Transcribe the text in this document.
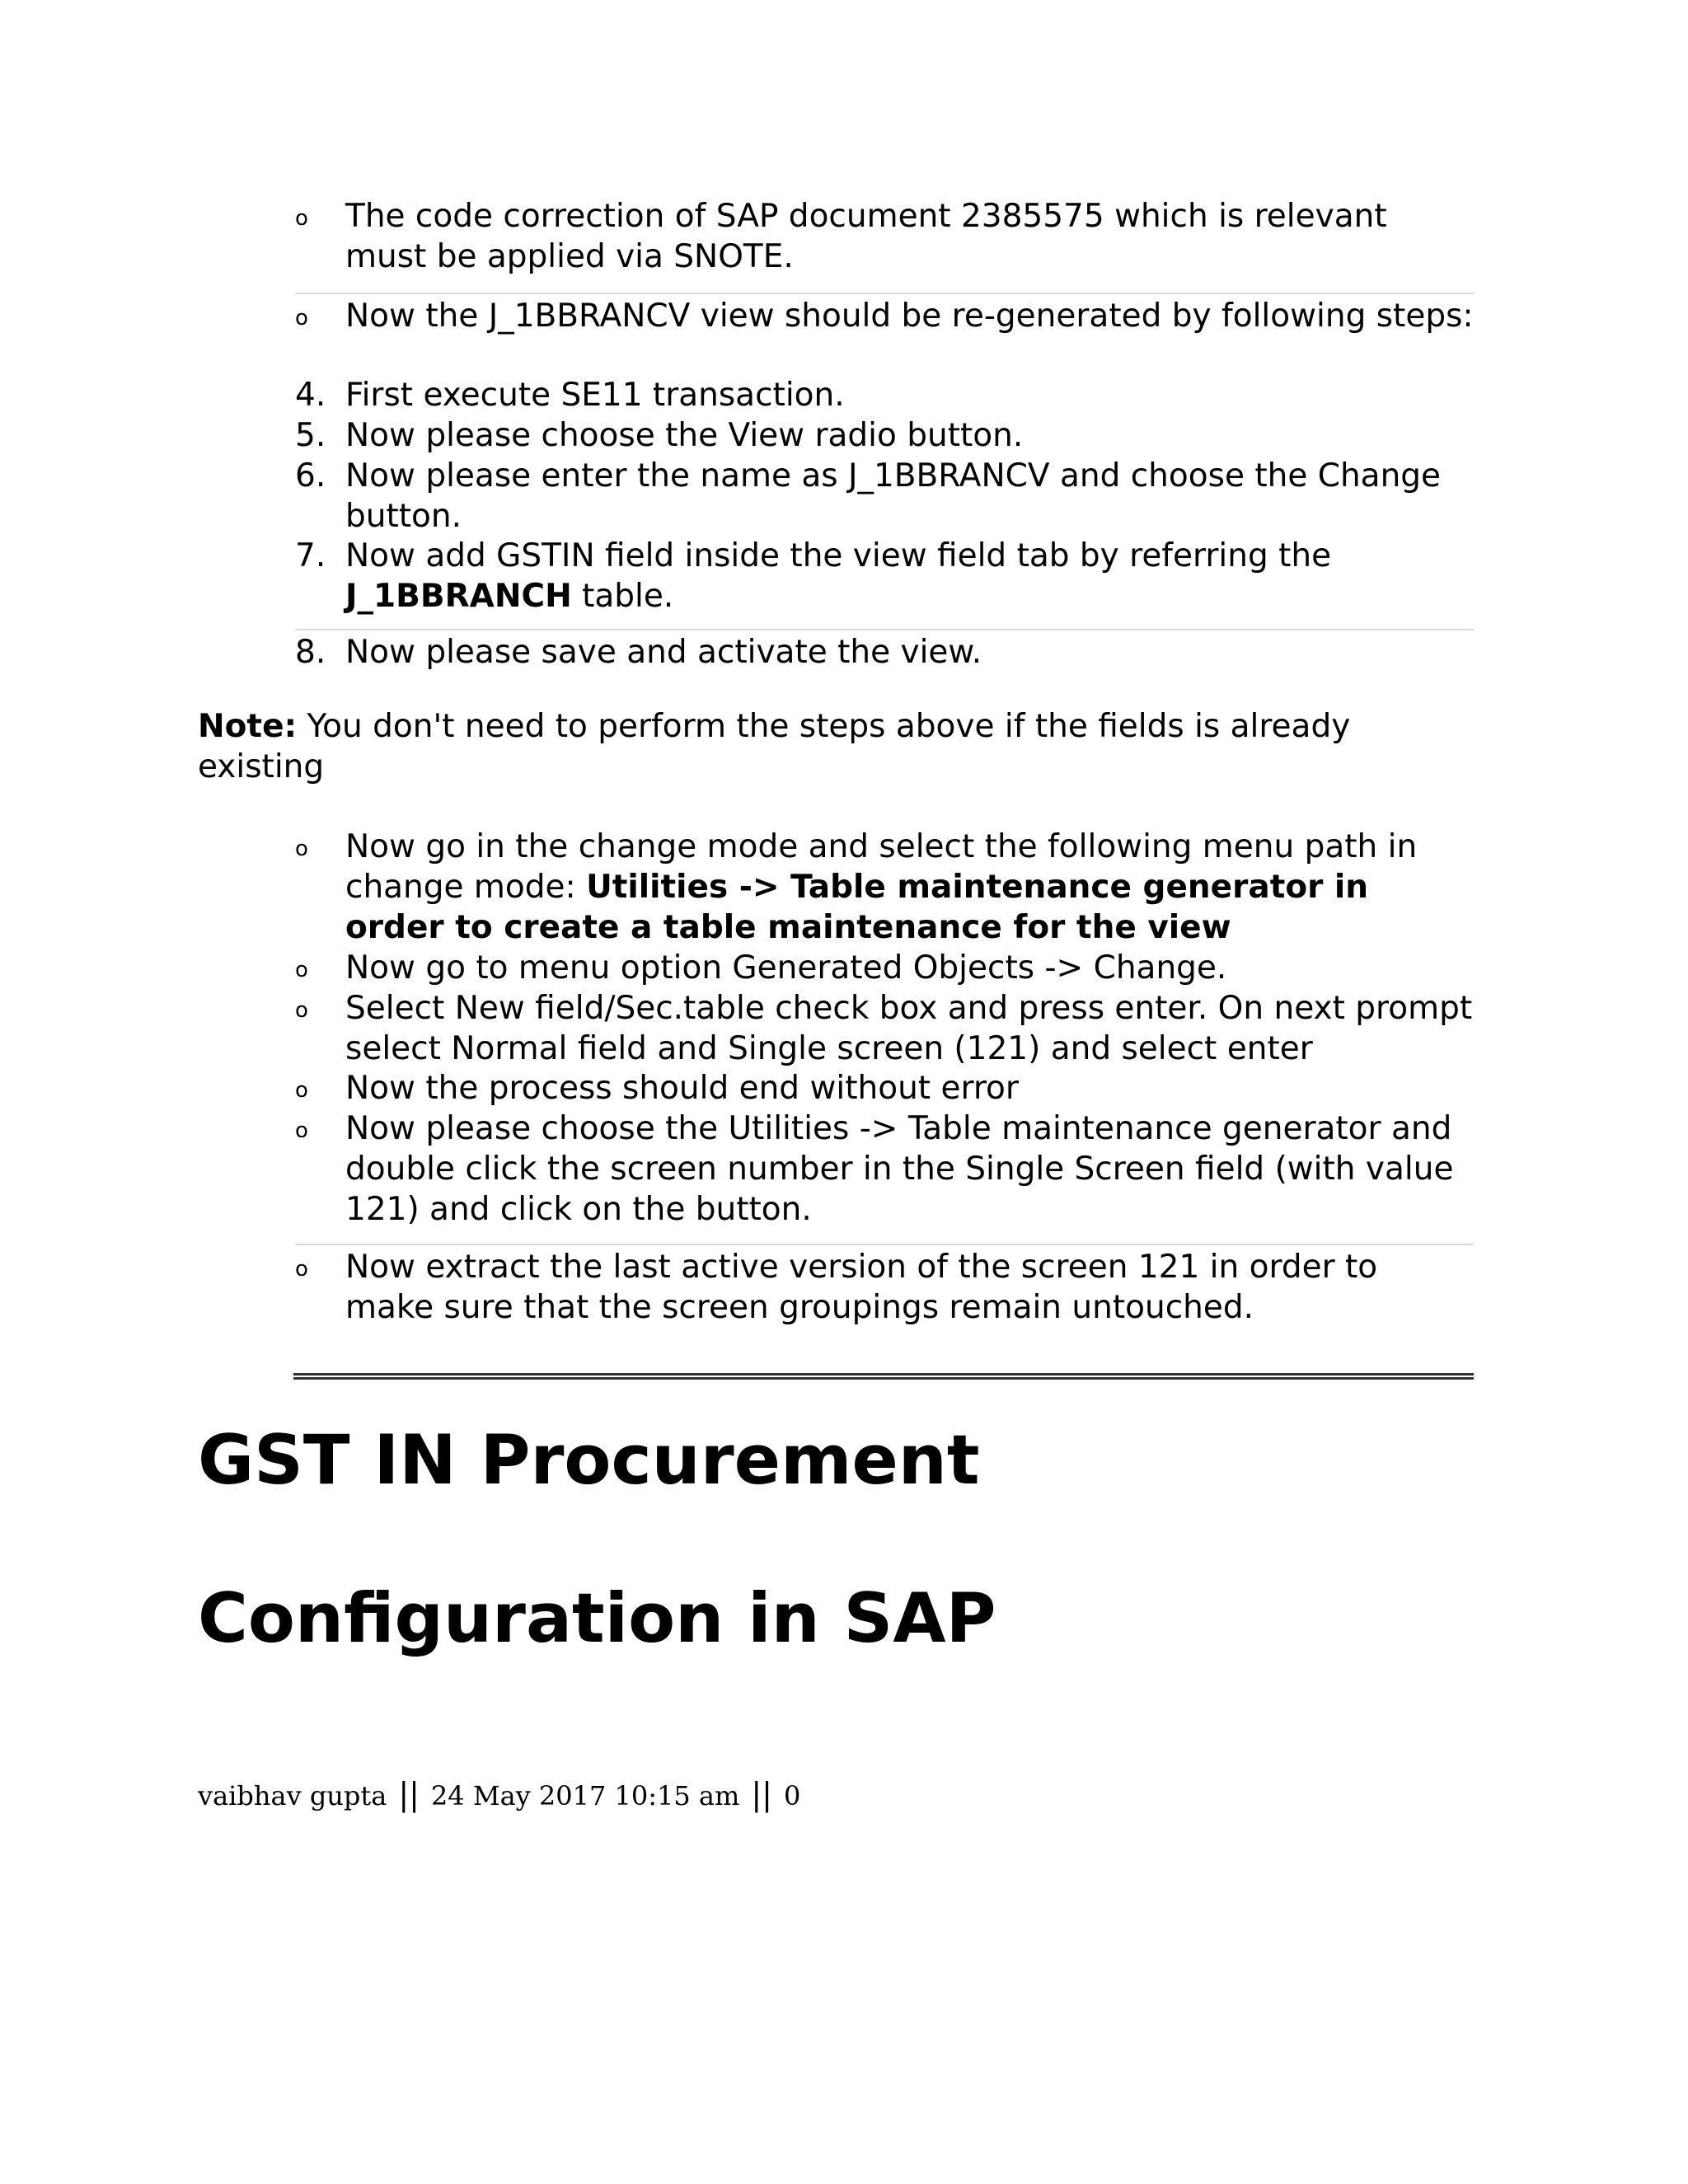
o	The code correction of SAP document 2385575 which is relevant must be applied via SNOTE.
o	Now the J_1BBRANCV view should be re-generated by following steps:
4. First execute SE11 transaction.
5. Now please choose the View radio button.
6. Now please enter the name as J_1BBRANCV and choose the Change button.
7. Now add GSTIN field inside the view field tab by referring the
J_1BBRANCH table.
8. Now please save and activate the view.
Note: You don't need to perform the steps above if the fields is already existing
o	Now go in the change mode and select the following menu path in change mode: Utilities -> Table maintenance generator in order to create a table maintenance for the view
o	Now go to menu option Generated Objects -> Change.
o	Select New field/Sec.table check box and press enter. On next prompt select Normal field and Single screen (121) and select enter
o	Now the process should end without error
o	Now please choose the Utilities -> Table maintenance generator and double click the screen number in the Single Screen field (with value 121) and click on the button.
o	Now extract the last active version of the screen 121 in order to make sure that the screen groupings remain untouched.
GST IN Procurement
Configuration in SAP
vaibhav gupta || 24 May 2017 10:15 am || 0
